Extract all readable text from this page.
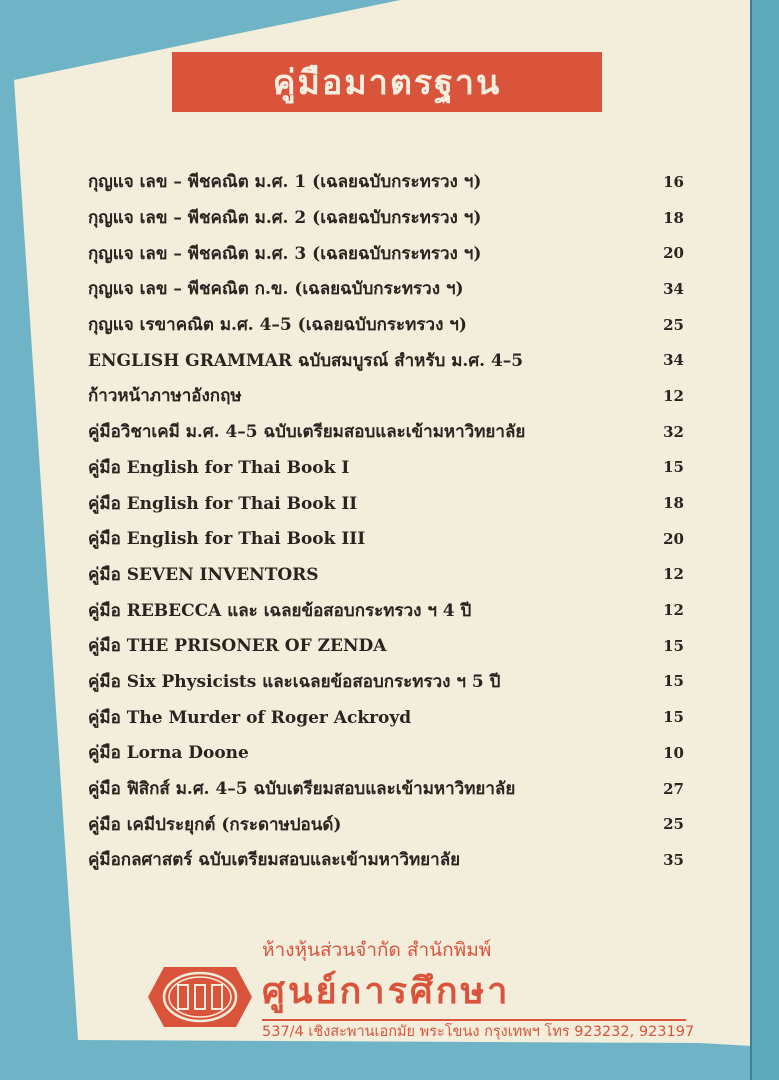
คู่มือมาตรฐาน
กุญแจ เลข – พีชคณิต ม.ศ. 1 (เฉลยฉบับกระทรวง ฯ)	16
กุญแจ เลข – พีชคณิต ม.ศ. 2 (เฉลยฉบับกระทรวง ฯ)	18
กุญแจ เลข – พีชคณิต ม.ศ. 3 (เฉลยฉบับกระทรวง ฯ)	20
กุญแจ เลข – พีชคณิต ก.ข. (เฉลยฉบับกระทรวง ฯ)	34
กุญแจ เรขาคณิต ม.ศ. 4–5 (เฉลยฉบับกระทรวง ฯ)	25
ENGLISH GRAMMAR ฉบับสมบูรณ์ สำหรับ ม.ศ. 4–5	34
ก้าวหน้าภาษาอังกฤษ	12
คู่มือวิชาเคมี ม.ศ. 4–5 ฉบับเตรียมสอบและเข้ามหาวิทยาลัย	32
คู่มือ English for Thai Book I	15
คู่มือ English for Thai Book II	18
คู่มือ English for Thai Book III	20
คู่มือ SEVEN INVENTORS	12
คู่มือ REBECCA และ เฉลยข้อสอบกระทรวง ฯ 4 ปี	12
คู่มือ THE PRISONER OF ZENDA	15
คู่มือ Six Physicists และเฉลยข้อสอบกระทรวง ฯ 5 ปี	15
คู่มือ The Murder of Roger Ackroyd	15
คู่มือ Lorna Doone	10
คู่มือ ฟิสิกส์ ม.ศ. 4–5 ฉบับเตรียมสอบและเข้ามหาวิทยาลัย	27
คู่มือ เคมีประยุกต์ (กระดาษปอนด์)	25
คู่มือกลศาสตร์ ฉบับเตรียมสอบและเข้ามหาวิทยาลัย	35
ห้างหุ้นส่วนจำกัด สำนักพิมพ์
ศูนย์การศึกษา
537/4 เชิงสะพานเอกมัย พระโขนง กรุงเทพฯ โทร 923232, 923197
